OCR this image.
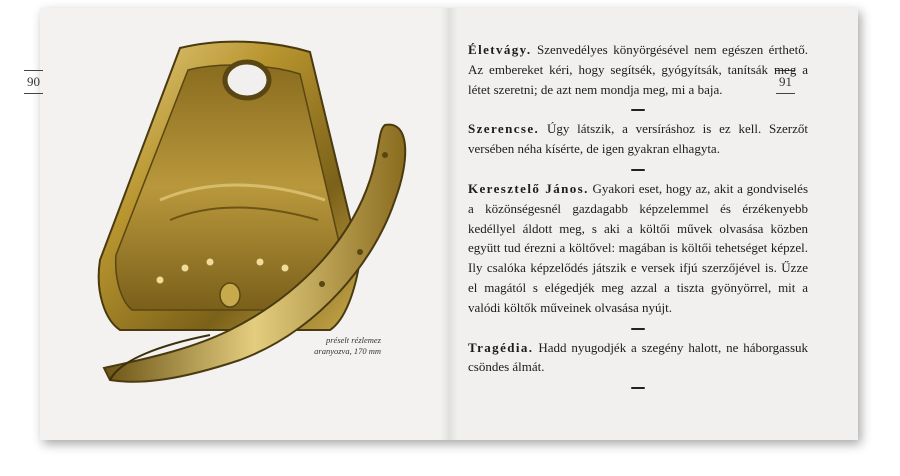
90	91
préselt rézlemez
aranyozva, 170 mm

Életvágy. Szenvedélyes könyörgésével nem egészen érthető. Az embereket kéri, hogy segítsék, gyógyítsák, tanítsák meg a létet szeretni; de azt nem mondja meg, mi a baja.

Szerencse. Úgy látszik, a versíráshoz is ez kell. Szerzőt versében néha kísérte, de igen gyakran elhagyta.

Keresztelő János. Gyakori eset, hogy az, akit a gondviselés a közönségesnél gazdagabb képzelemmel és érzékenyebb kedéllyel áldott meg, s aki a költői művek olvasása közben együtt tud érezni a költővel: magában is költői tehetséget képzel. Ily csalóka képzelődés játszik e versek ifjú szerzőjével is. Űzze el magától s elégedjék meg azzal a tiszta gyönyörrel, mit a valódi költők műveinek olvasása nyújt.

Tragédia. Hadd nyugodjék a szegény halott, ne háborgassuk csöndes álmát.
